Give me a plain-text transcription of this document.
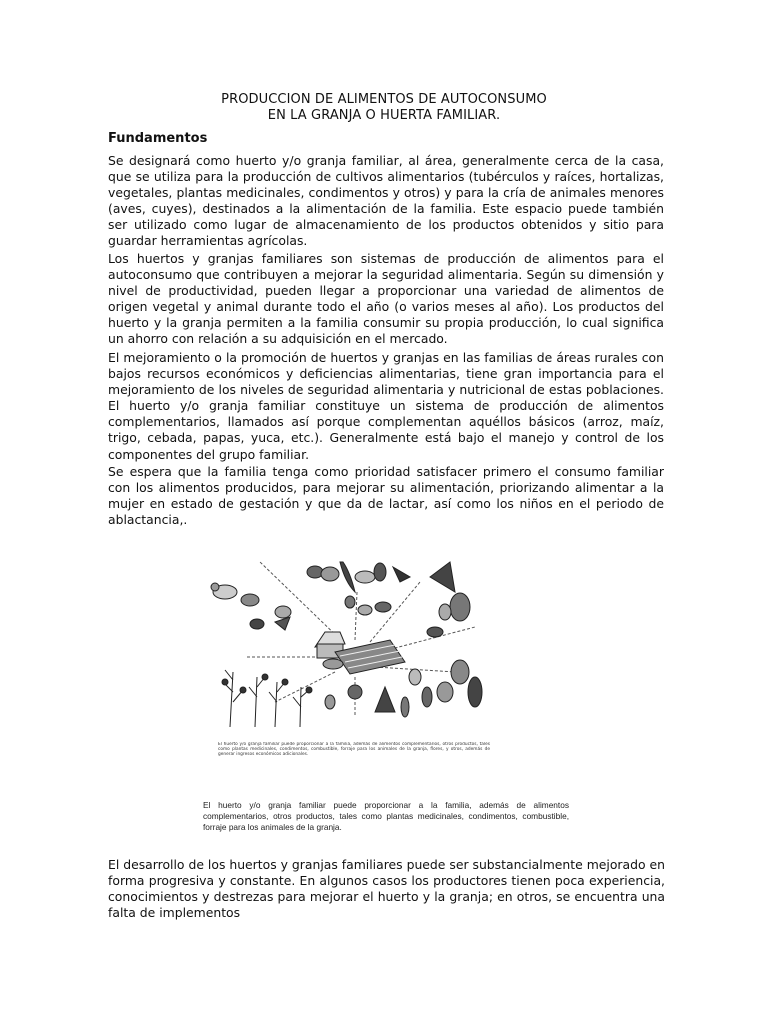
PRODUCCION DE ALIMENTOS DE AUTOCONSUMO
EN LA GRANJA O HUERTA FAMILIAR.
Fundamentos

Se designará como huerto y/o granja familiar, al área, generalmente cerca de la casa, que se utiliza para la producción de cultivos alimentarios (tubérculos y raíces, hortalizas, vegetales, plantas medicinales, condimentos y otros) y para la cría de animales menores (aves, cuyes), destinados a la alimentación de la familia. Este espacio puede también ser utilizado como lugar de almacenamiento de los productos obtenidos y sitio para guardar herramientas agrícolas.

Los huertos y granjas familiares son sistemas de producción de alimentos para el autoconsumo que contribuyen a mejorar la seguridad alimentaria. Según su dimensión y nivel de productividad, pueden llegar a proporcionar una variedad de alimentos de origen vegetal y animal durante todo el año (o varios meses al año). Los productos del huerto y la granja permiten a la familia consumir su propia producción, lo cual significa un ahorro con relación a su adquisición en el mercado.

El mejoramiento o la promoción de huertos y granjas en las familias de áreas rurales con bajos recursos económicos y deficiencias alimentarias, tiene gran importancia para el mejoramiento de los niveles de seguridad alimentaria y nutricional de estas poblaciones. El huerto y/o granja familiar constituye un sistema de producción de alimentos complementarios, llamados así porque complementan aquéllos básicos (arroz, maíz, trigo, cebada, papas, yuca, etc.). Generalmente está bajo el manejo y control de los componentes del grupo familiar.

Se espera que la familia tenga como prioridad satisfacer primero el consumo familiar con los alimentos producidos, para mejorar su alimentación, priorizando alimentar a la mujer en estado de gestación y que da de lactar, así como los niños en el periodo de ablactancia,.

El huerto y/o granja familiar puede proporcionar a la familia, además de alimentos complementarios, otros productos, tales como plantas medicinales, condimentos, combustible, forraje para los animales de la granja, flores, y otros, además de generar ingresos económicos adicionales.
El huerto y/o granja familiar puede proporcionar a la familia, además de alimentos complementarios, otros productos, tales como plantas medicinales, condimentos, combustible, forraje para los animales de la granja.

El desarrollo de los huertos y granjas familiares puede ser substancialmente mejorado en forma progresiva y constante. En algunos casos los productores tienen poca experiencia, conocimientos y destrezas para mejorar el huerto y la granja; en otros, se encuentra una falta de implementos
